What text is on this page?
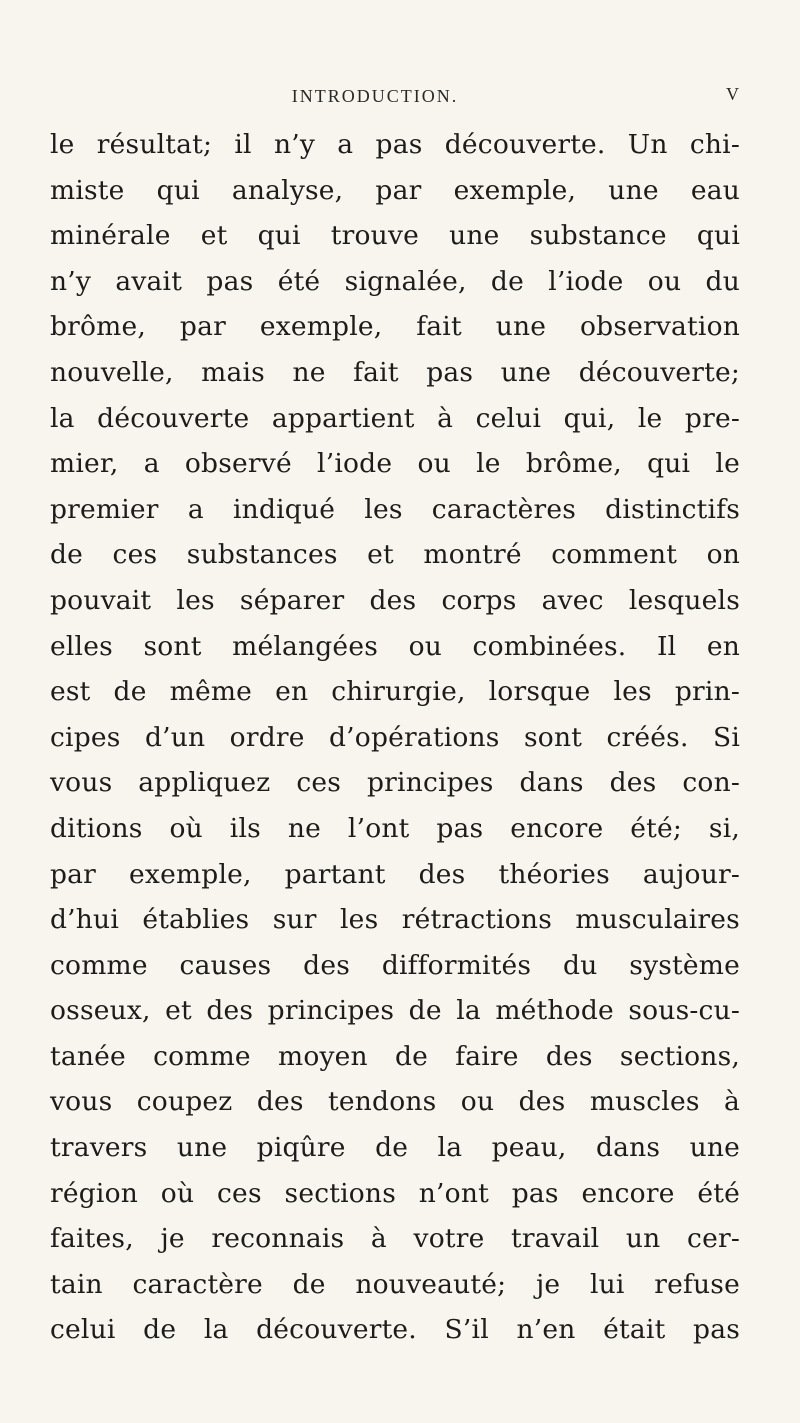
INTRODUCTION.	V
le résultat; il n’y a pas découverte. Un chi-
miste qui analyse, par exemple, une eau
minérale et qui trouve une substance qui
n’y avait pas été signalée, de l’iode ou du
brôme, par exemple, fait une observation
nouvelle, mais ne fait pas une découverte;
la découverte appartient à celui qui, le pre-
mier, a observé l’iode ou le brôme, qui le
premier a indiqué les caractères distinctifs
de ces substances et montré comment on
pouvait les séparer des corps avec lesquels
elles sont mélangées ou combinées. Il en
est de même en chirurgie, lorsque les prin-
cipes d’un ordre d’opérations sont créés. Si
vous appliquez ces principes dans des con-
ditions où ils ne l’ont pas encore été; si,
par exemple, partant des théories aujour-
d’hui établies sur les rétractions musculaires
comme causes des difformités du système
osseux, et des principes de la méthode sous-cu-
tanée comme moyen de faire des sections,
vous coupez des tendons ou des muscles à
travers une piqûre de la peau, dans une
région où ces sections n’ont pas encore été
faites, je reconnais à votre travail un cer-
tain caractère de nouveauté; je lui refuse
celui de la découverte. S’il n’en était pas
